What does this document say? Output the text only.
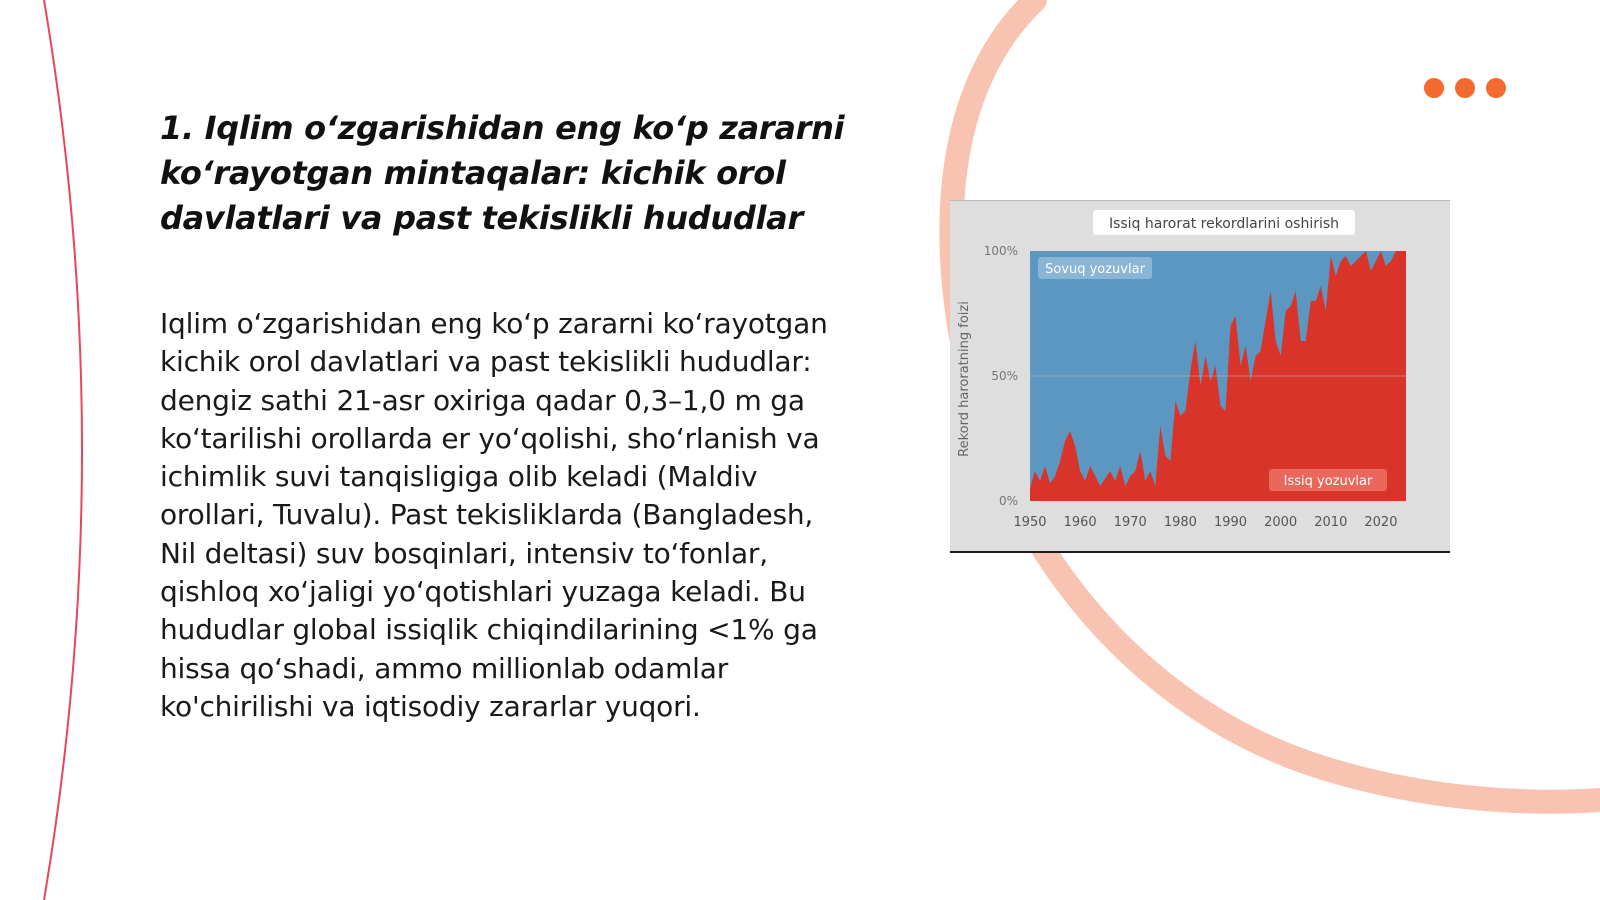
1. Iqlim o‘zgarishidan eng ko‘p zararni ko‘rayotgan mintaqalar: kichik orol davlatlari va past tekislikli hududlar

Iqlim o‘zgarishidan eng ko‘p zararni ko‘rayotgan kichik orol davlatlari va past tekislikli hududlar: dengiz sathi 21-asr oxiriga qadar 0,3–1,0 m ga ko‘tarilishi orollarda er yo‘qolishi, sho‘rlanish va ichimlik suvi tanqisligiga olib keladi (Maldiv orollari, Tuvalu). Past tekisliklarda (Bangladesh, Nil deltasi) suv bosqinlari, intensiv to‘fonlar, qishloq xo‘jaligi yo‘qotishlari yuzaga keladi. Bu hududlar global issiqlik chiqindilarining <1% ga hissa qo‘shadi, ammo millionlab odamlar ko'chirilishi va iqtisodiy zararlar yuqori.

Issiq harorat rekordlarini oshirish
Rekord haroratning foizi
0%
50%
100%
1950 1960 1970 1980 1990 2000 2010 2020
Sovuq yozuvlar
Issiq yozuvlar
